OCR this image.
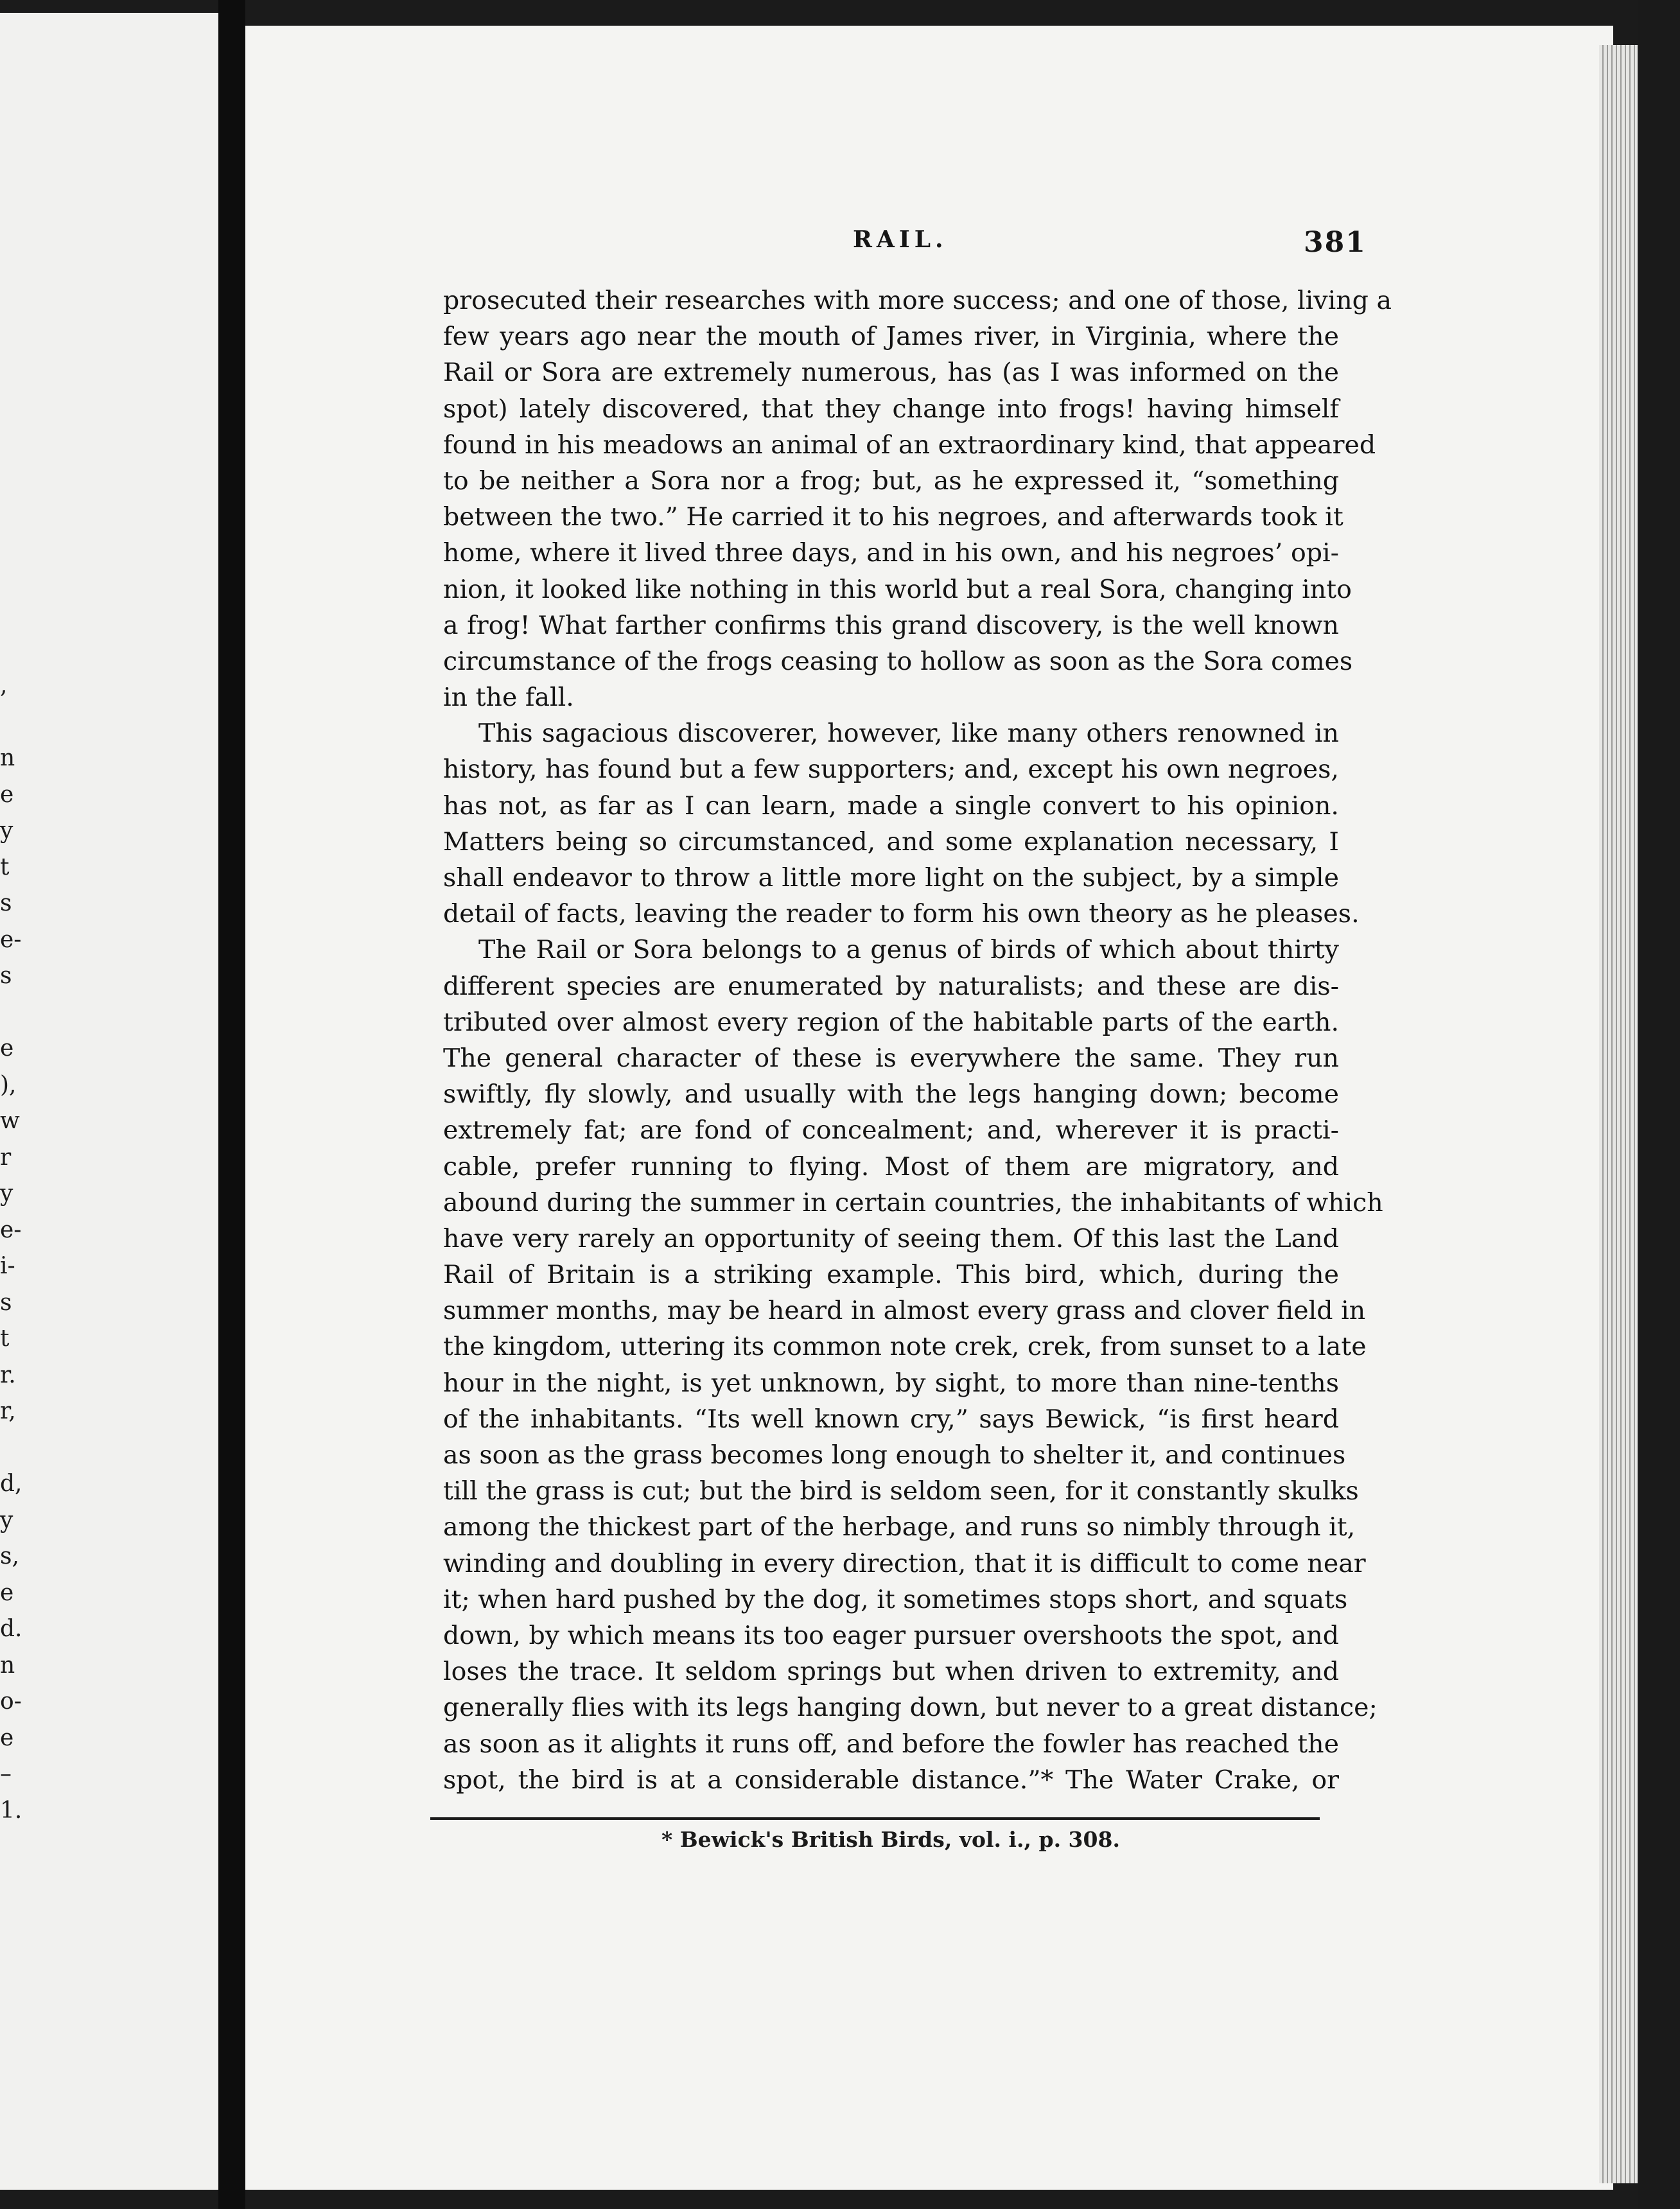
,
n
e
y
t
s
e-
s
e
),
w
r
y
e-
i-
s
t
r.
r,
d,
y
s,
e
d.
n
o-
e
–
1.
RAIL.	381
prosecuted their researches with more success; and one of those, living a
few years ago near the mouth of James river, in Virginia, where the
Rail or Sora are extremely numerous, has (as I was informed on the
spot) lately discovered, that they change into frogs! having himself
found in his meadows an animal of an extraordinary kind, that appeared
to be neither a Sora nor a frog; but, as he expressed it, “something
between the two.” He carried it to his negroes, and afterwards took it
home, where it lived three days, and in his own, and his negroes’ opi-
nion, it looked like nothing in this world but a real Sora, changing into
a frog! What farther confirms this grand discovery, is the well known
circumstance of the frogs ceasing to hollow as soon as the Sora comes
in the fall.
This sagacious discoverer, however, like many others renowned in
history, has found but a few supporters; and, except his own negroes,
has not, as far as I can learn, made a single convert to his opinion.
Matters being so circumstanced, and some explanation necessary, I
shall endeavor to throw a little more light on the subject, by a simple
detail of facts, leaving the reader to form his own theory as he pleases.
The Rail or Sora belongs to a genus of birds of which about thirty
different species are enumerated by naturalists; and these are dis-
tributed over almost every region of the habitable parts of the earth.
The general character of these is everywhere the same. They run
swiftly, fly slowly, and usually with the legs hanging down; become
extremely fat; are fond of concealment; and, wherever it is practi-
cable, prefer running to flying. Most of them are migratory, and
abound during the summer in certain countries, the inhabitants of which
have very rarely an opportunity of seeing them. Of this last the Land
Rail of Britain is a striking example. This bird, which, during the
summer months, may be heard in almost every grass and clover field in
the kingdom, uttering its common note crek, crek, from sunset to a late
hour in the night, is yet unknown, by sight, to more than nine-tenths
of the inhabitants. “Its well known cry,” says Bewick, “is first heard
as soon as the grass becomes long enough to shelter it, and continues
till the grass is cut; but the bird is seldom seen, for it constantly skulks
among the thickest part of the herbage, and runs so nimbly through it,
winding and doubling in every direction, that it is difficult to come near
it; when hard pushed by the dog, it sometimes stops short, and squats
down, by which means its too eager pursuer overshoots the spot, and
loses the trace. It seldom springs but when driven to extremity, and
generally flies with its legs hanging down, but never to a great distance;
as soon as it alights it runs off, and before the fowler has reached the
spot, the bird is at a considerable distance.”* The Water Crake, or
* Bewick's British Birds, vol. i., p. 308.
